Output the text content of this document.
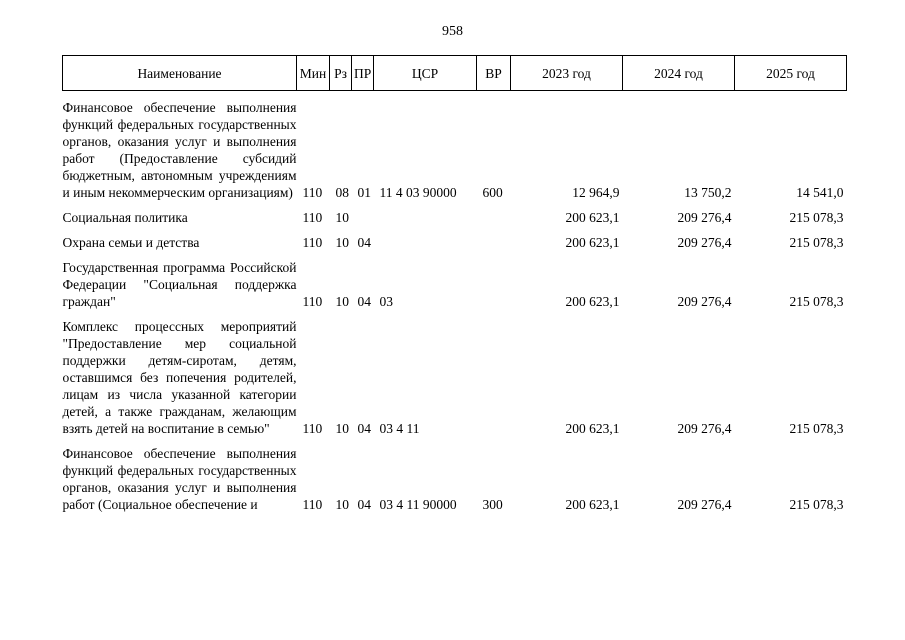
958
Наименование	Мин	Рз	ПР	ЦСР	ВР	2023 год	2024 год	2025 год

Финансовое обеспечение выполнения функций федеральных государственных органов, оказания услуг и выполнения работ (Предоставление субсидий бюджетным, автономным учреждениям и иным некоммерческим организациям)	110	08	01	11 4 03 90000	600	12 964,9	13 750,2	14 541,0

Социальная политика	110	10				200 623,1	209 276,4	215 078,3

Охрана семьи и детства	110	10	04			200 623,1	209 276,4	215 078,3

Государственная программа Российской Федерации "Социальная поддержка граждан"	110	10	04	03		200 623,1	209 276,4	215 078,3

Комплекс процессных мероприятий "Предоставление мер социальной поддержки детям-сиротам, детям, оставшимся без попечения родителей, лицам из числа указанной категории детей, а также гражданам, желающим взять детей на воспитание в семью"	110	10	04	03 4 11		200 623,1	209 276,4	215 078,3

Финансовое обеспечение выполнения функций федеральных государственных органов, оказания услуг и выполнения работ (Социальное обеспечение и	110	10	04	03 4 11 90000	300	200 623,1	209 276,4	215 078,3
